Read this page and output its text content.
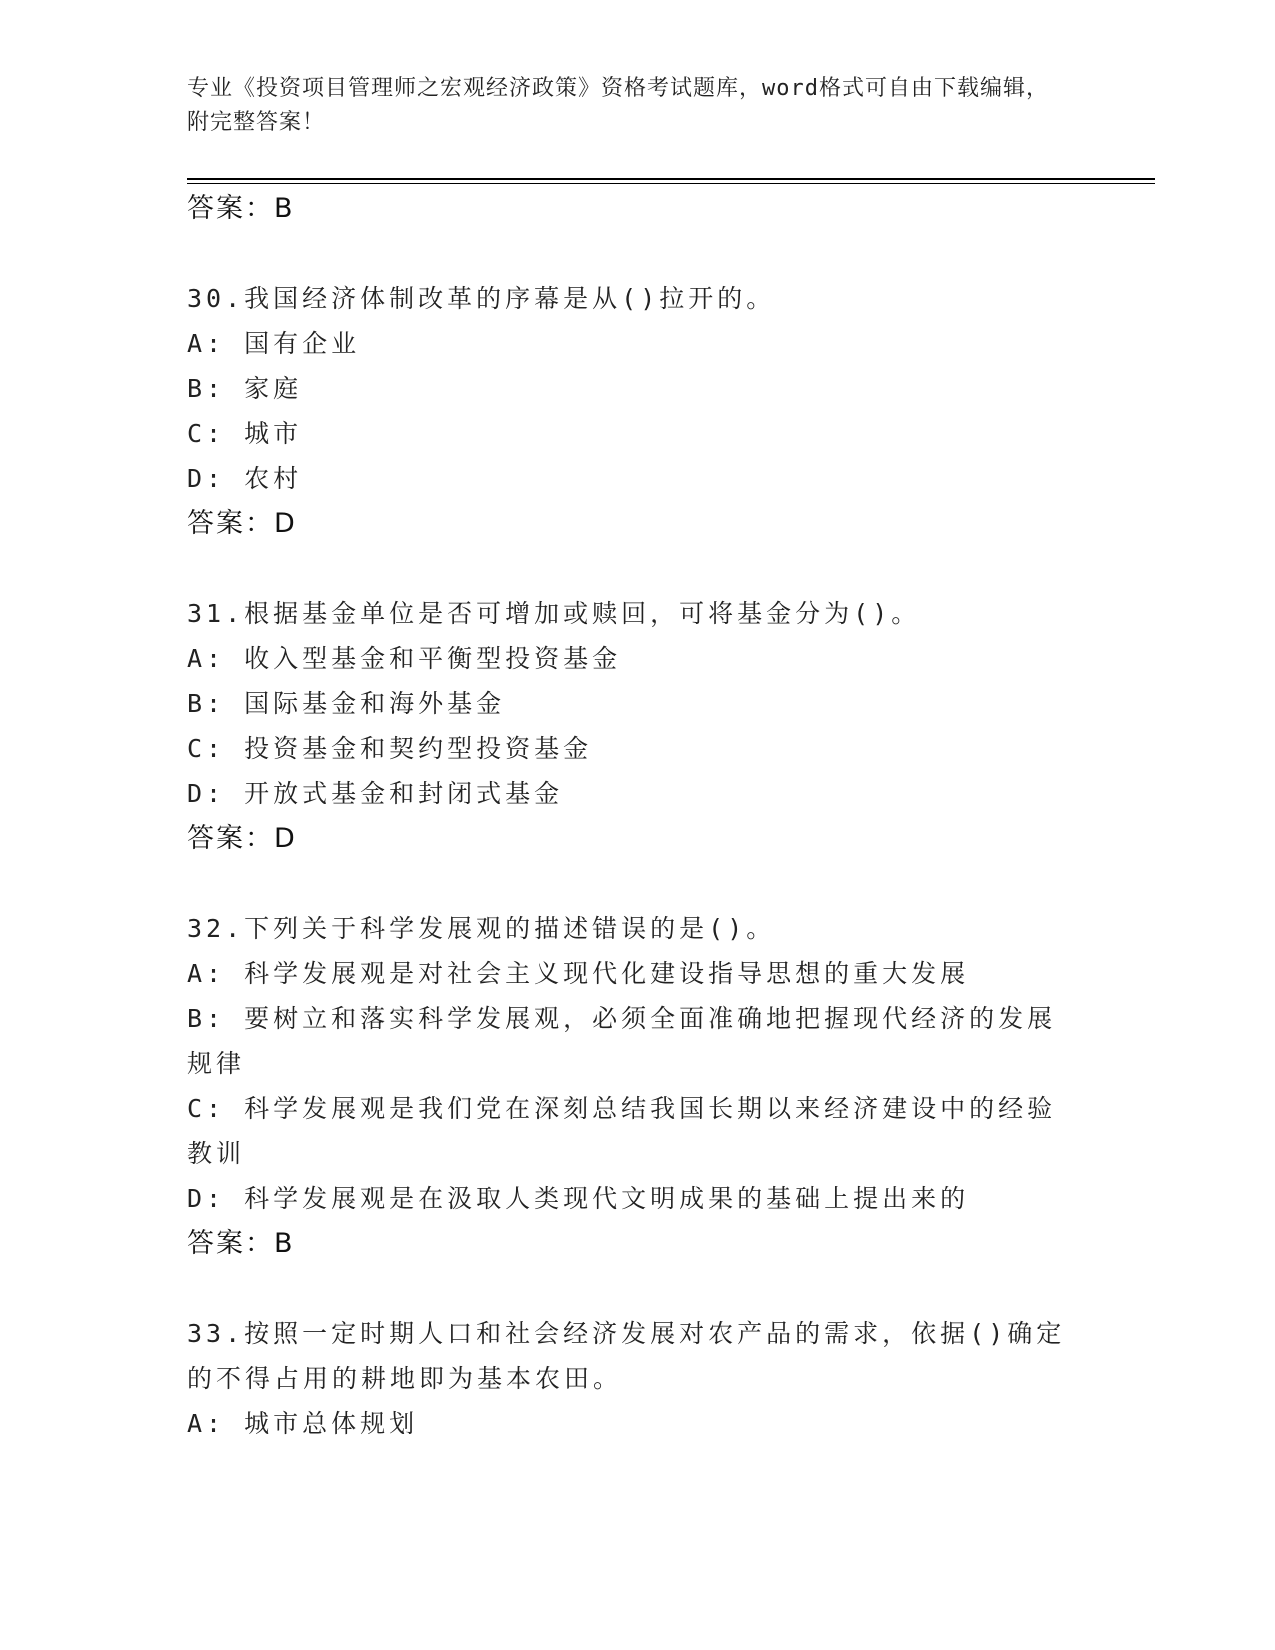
专业《投资项目管理师之宏观经济政策》资格考试题库，word格式可自由下载编辑，附完整答案！
答案：B
30.我国经济体制改革的序幕是从()拉开的。
A: 国有企业
B: 家庭
C: 城市
D: 农村
答案：D
31.根据基金单位是否可增加或赎回，可将基金分为()。
A: 收入型基金和平衡型投资基金
B: 国际基金和海外基金
C: 投资基金和契约型投资基金
D: 开放式基金和封闭式基金
答案：D
32.下列关于科学发展观的描述错误的是()。
A: 科学发展观是对社会主义现代化建设指导思想的重大发展
B: 要树立和落实科学发展观，必须全面准确地把握现代经济的发展规律
C: 科学发展观是我们党在深刻总结我国长期以来经济建设中的经验教训
D: 科学发展观是在汲取人类现代文明成果的基础上提出来的
答案：B
33.按照一定时期人口和社会经济发展对农产品的需求，依据()确定的不得占用的耕地即为基本农田。
A: 城市总体规划
